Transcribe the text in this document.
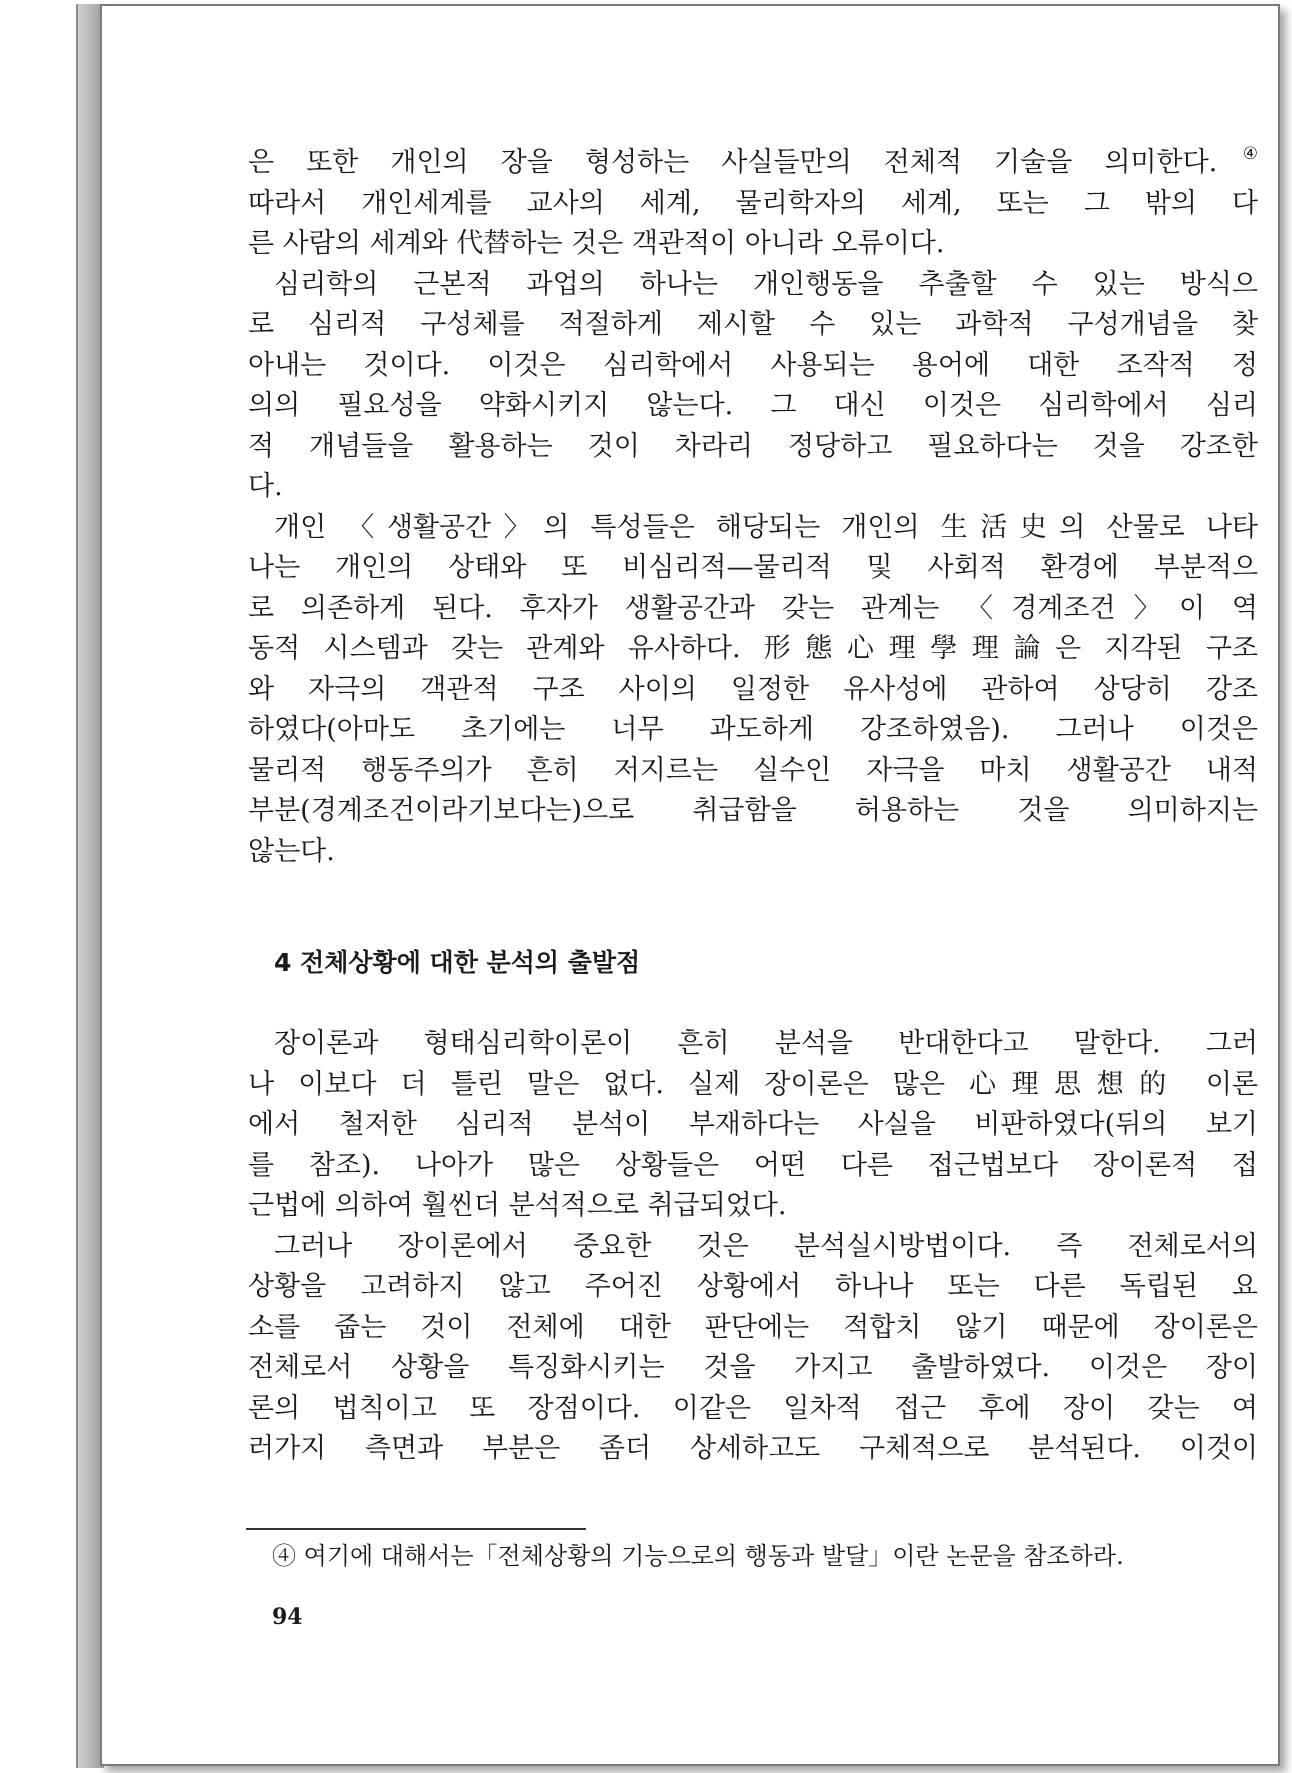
은 또한 개인의 장을 형성하는 사실들만의 전체적 기술을 의미한다. ④
따라서 개인세계를 교사의 세계, 물리학자의 세계, 또는 그 밖의 다
른 사람의 세계와 代替하는 것은 객관적이 아니라 오류이다.
심리학의 근본적 과업의 하나는 개인행동을 추출할 수 있는 방식으
로 심리적 구성체를 적절하게 제시할 수 있는 과학적 구성개념을 찾
아내는 것이다. 이것은 심리학에서 사용되는 용어에 대한 조작적 정
의의 필요성을 약화시키지 않는다. 그 대신 이것은 심리학에서 심리
적 개념들을 활용하는 것이 차라리 정당하고 필요하다는 것을 강조한
다.
개인 〈생활공간〉의 특성들은 해당되는 개인의 生活史의 산물로 나타
나는 개인의 상태와 또 비심리적—물리적 및 사회적 환경에 부분적으
로 의존하게 된다. 후자가 생활공간과 갖는 관계는 〈경계조건〉이 역
동적 시스템과 갖는 관계와 유사하다. 形態心理學理論은 지각된 구조
와 자극의 객관적 구조 사이의 일정한 유사성에 관하여 상당히 강조
하였다(아마도 초기에는 너무 과도하게 강조하였음). 그러나 이것은
물리적 행동주의가 흔히 저지르는 실수인 자극을 마치 생활공간 내적
부분(경계조건이라기보다는)으로 취급함을 허용하는 것을 의미하지는
않는다.

4 전체상황에 대한 분석의 출발점

장이론과 형태심리학이론이 흔히 분석을 반대한다고 말한다. 그러
나 이보다 더 틀린 말은 없다. 실제 장이론은 많은 心理思想的 이론
에서 철저한 심리적 분석이 부재하다는 사실을 비판하였다(뒤의 보기
를 참조). 나아가 많은 상황들은 어떤 다른 접근법보다 장이론적 접
근법에 의하여 훨씬더 분석적으로 취급되었다.
그러나 장이론에서 중요한 것은 분석실시방법이다. 즉 전체로서의
상황을 고려하지 않고 주어진 상황에서 하나나 또는 다른 독립된 요
소를 줍는 것이 전체에 대한 판단에는 적합치 않기 때문에 장이론은
전체로서 상황을 특징화시키는 것을 가지고 출발하였다. 이것은 장이
론의 법칙이고 또 장점이다. 이같은 일차적 접근 후에 장이 갖는 여
러가지 측면과 부분은 좀더 상세하고도 구체적으로 분석된다. 이것이

④ 여기에 대해서는「전체상황의 기능으로의 행동과 발달」이란 논문을 참조하라.
94
